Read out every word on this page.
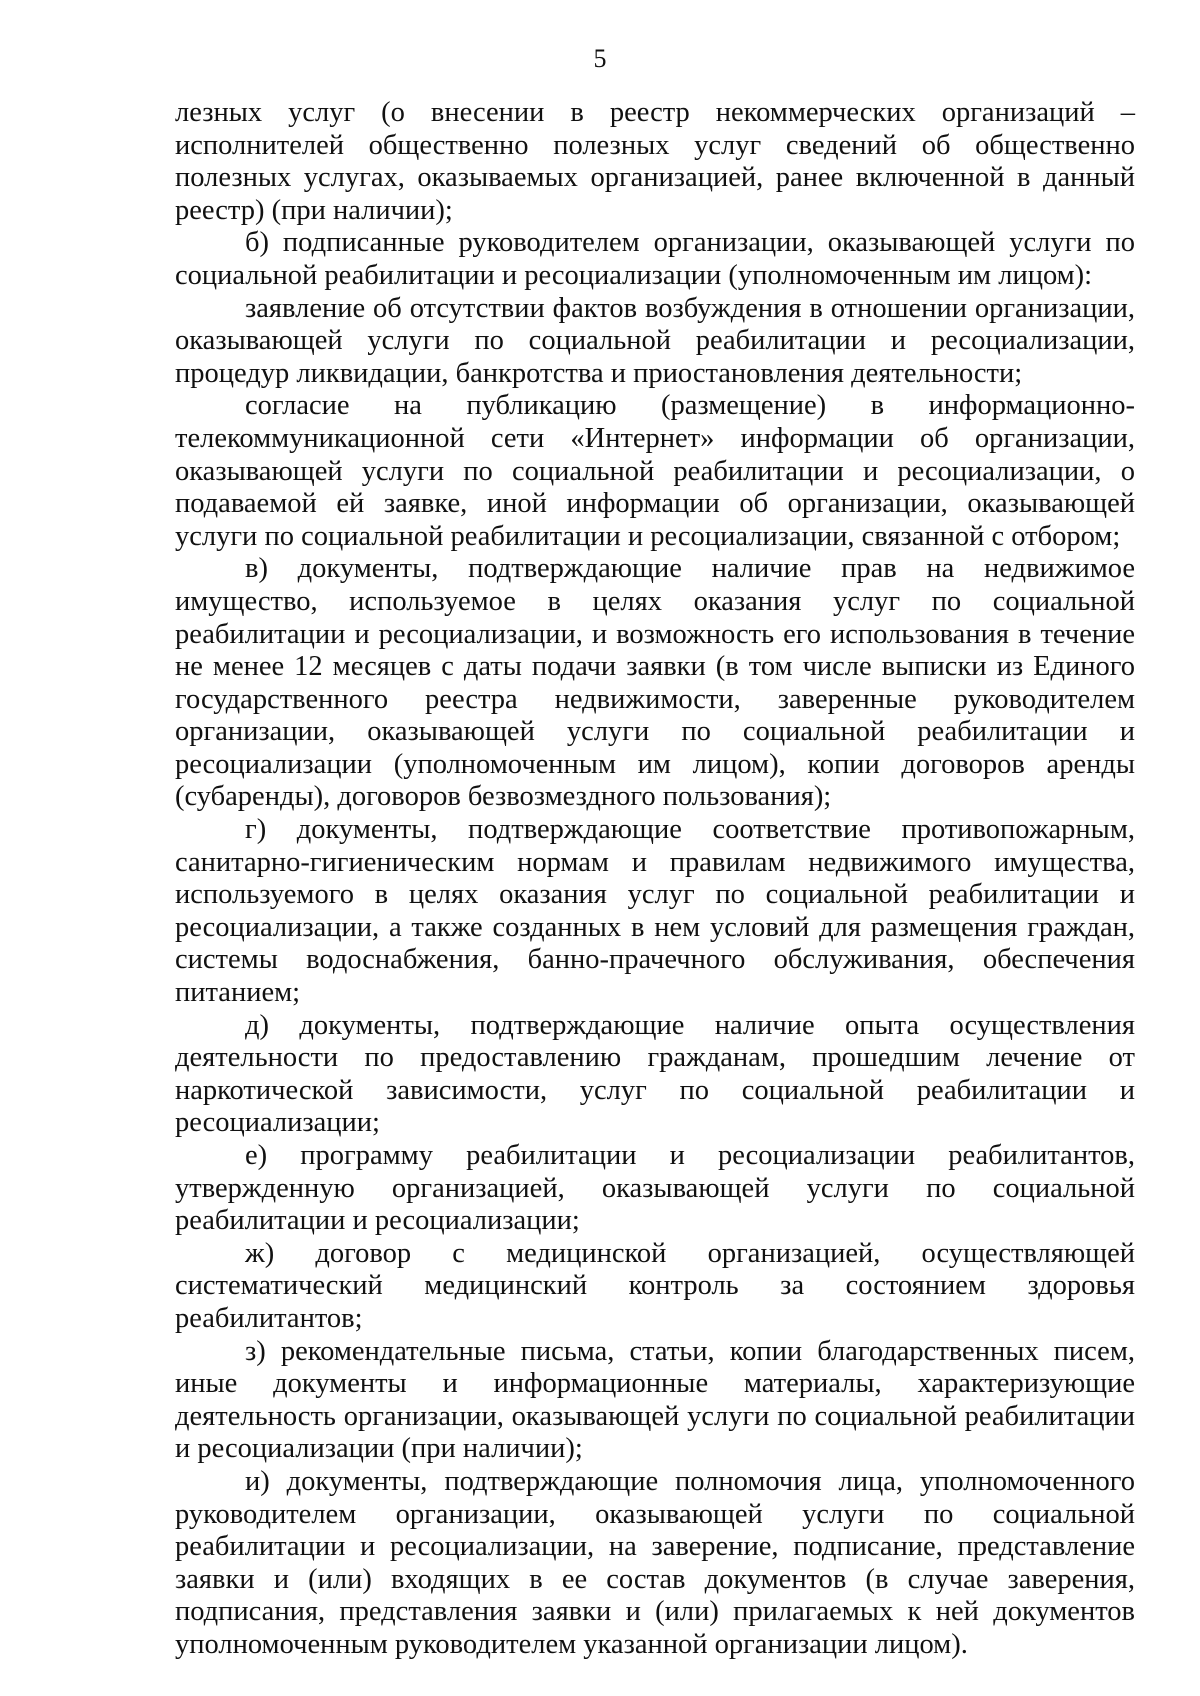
5

лезных услуг (о внесении в реестр некоммерческих организаций – исполнителей общественно полезных услуг сведений об общественно полезных услугах, оказываемых организацией, ранее включенной в данный реестр) (при наличии);

б) подписанные руководителем организации, оказывающей услуги по социальной реабилитации и ресоциализации (уполномоченным им лицом):

заявление об отсутствии фактов возбуждения в отношении организации, оказывающей услуги по социальной реабилитации и ресоциализации, процедур ликвидации, банкротства и приостановления деятельности;

согласие на публикацию (размещение) в информационно-телекоммуникационной сети «Интернет» информации об организации, оказывающей услуги по социальной реабилитации и ресоциализации, о подаваемой ей заявке, иной информации об организации, оказывающей услуги по социальной реабилитации и ресоциализации, связанной с отбором;

в) документы, подтверждающие наличие прав на недвижимое имущество, используемое в целях оказания услуг по социальной реабилитации и ресоциализации, и возможность его использования в течение не менее 12 месяцев с даты подачи заявки (в том числе выписки из Единого государственного реестра недвижимости, заверенные руководителем организации, оказывающей услуги по социальной реабилитации и ресоциализации (уполномоченным им лицом), копии договоров аренды (субаренды), договоров безвозмездного пользования);

г) документы, подтверждающие соответствие противопожарным, санитарно-гигиеническим нормам и правилам недвижимого имущества, используемого в целях оказания услуг по социальной реабилитации и ресоциализации, а также созданных в нем условий для размещения граждан, системы водоснабжения, банно-прачечного обслуживания, обеспечения питанием;

д) документы, подтверждающие наличие опыта осуществления деятельности по предоставлению гражданам, прошедшим лечение от наркотической зависимости, услуг по социальной реабилитации и ресоциализации;

е) программу реабилитации и ресоциализации реабилитантов, утвержденную организацией, оказывающей услуги по социальной реабилитации и ресоциализации;

ж) договор с медицинской организацией, осуществляющей систематический медицинский контроль за состоянием здоровья реабилитантов;

з) рекомендательные письма, статьи, копии благодарственных писем, иные документы и информационные материалы, характеризующие деятельность организации, оказывающей услуги по социальной реабилитации и ресоциализации (при наличии);

и) документы, подтверждающие полномочия лица, уполномоченного руководителем организации, оказывающей услуги по социальной реабилитации и ресоциализации, на заверение, подписание, представление заявки и (или) входящих в ее состав документов (в случае заверения, подписания, представления заявки и (или) прилагаемых к ней документов уполномоченным руководителем указанной организации лицом).
